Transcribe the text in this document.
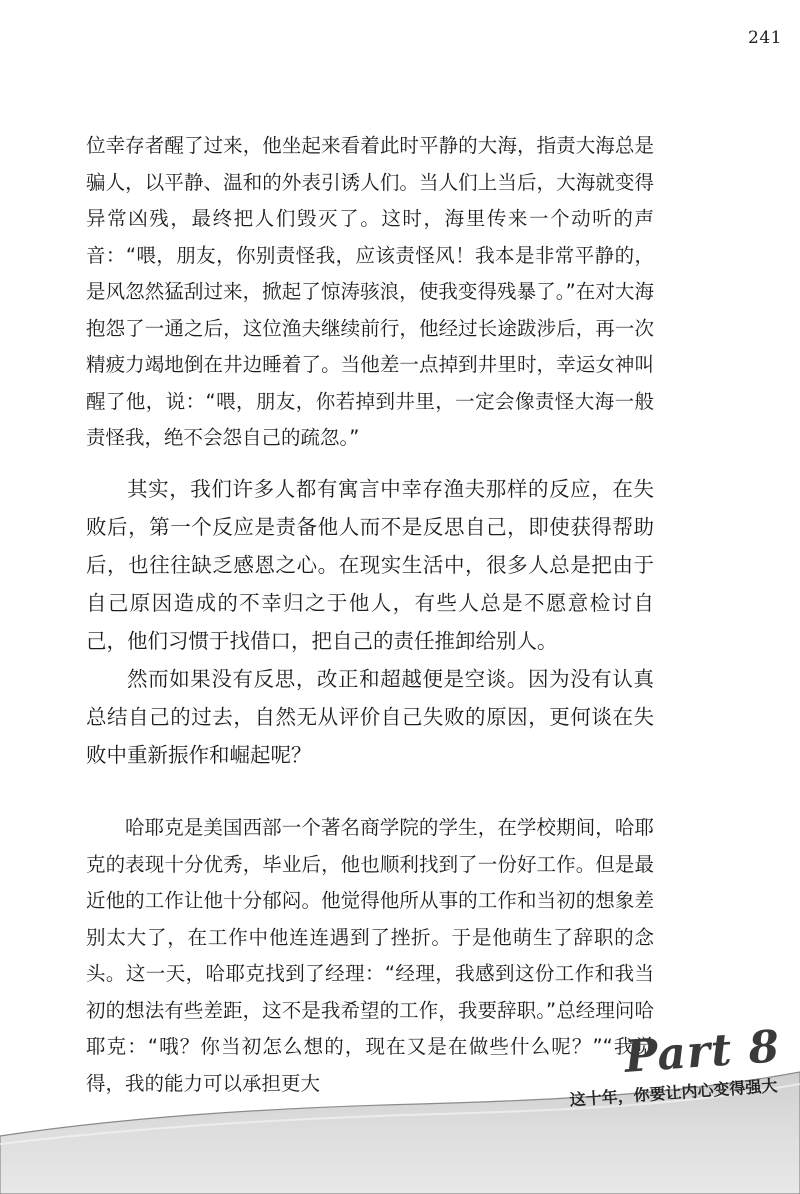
241

位幸存者醒了过来，他坐起来看着此时平静的大海，指责大海总是骗人，以平静、温和的外表引诱人们。当人们上当后，大海就变得异常凶残，最终把人们毁灭了。这时，海里传来一个动听的声音：“喂，朋友，你别责怪我，应该责怪风！我本是非常平静的，是风忽然猛刮过来，掀起了惊涛骇浪，使我变得残暴了。”在对大海抱怨了一通之后，这位渔夫继续前行，他经过长途跋涉后，再一次精疲力竭地倒在井边睡着了。当他差一点掉到井里时，幸运女神叫醒了他，说：“喂，朋友，你若掉到井里，一定会像责怪大海一般责怪我，绝不会怨自己的疏忽。”

其实，我们许多人都有寓言中幸存渔夫那样的反应，在失败后，第一个反应是责备他人而不是反思自己，即使获得帮助后，也往往缺乏感恩之心。在现实生活中，很多人总是把由于自己原因造成的不幸归之于他人，有些人总是不愿意检讨自己，他们习惯于找借口，把自己的责任推卸给别人。

然而如果没有反思，改正和超越便是空谈。因为没有认真总结自己的过去，自然无从评价自己失败的原因，更何谈在失败中重新振作和崛起呢？

哈耶克是美国西部一个著名商学院的学生，在学校期间，哈耶克的表现十分优秀，毕业后，他也顺利找到了一份好工作。但是最近他的工作让他十分郁闷。他觉得他所从事的工作和当初的想象差别太大了，在工作中他连连遇到了挫折。于是他萌生了辞职的念头。这一天，哈耶克找到了经理：“经理，我感到这份工作和我当初的想法有些差距，这不是我希望的工作，我要辞职。”总经理问哈耶克：“哦？你当初怎么想的，现在又是在做些什么呢？”“我觉得，我的能力可以承担更大

Part 8
这十年，你要让内心变得强大
